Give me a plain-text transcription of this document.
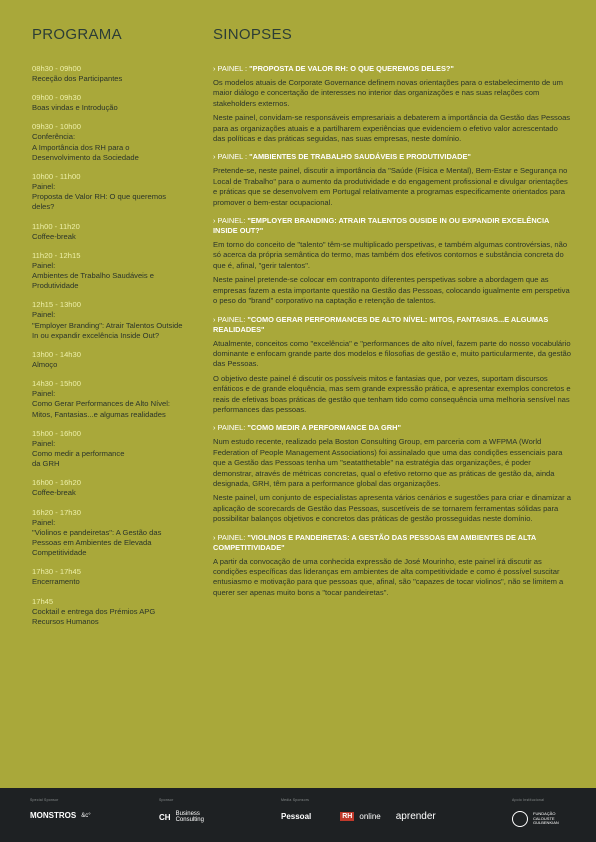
PROGRAMA	SINOPSES
08h30 - 09h00
Receção dos Participantes
09h00 - 09h30
Boas vindas e Introdução
09h30 - 10h00
Conferência:
A Importância dos RH para o
Desenvolvimento da Sociedade
10h00 - 11h00
Painel:
Proposta de Valor RH: O que queremos
deles?
11h00 - 11h20
Coffee-break
11h20 - 12h15
Painel:
Ambientes de Trabalho Saudáveis e
Produtividade
12h15 - 13h00
Painel:
"Employer Branding": Atrair Talentos Outside
In ou expandir excelência Inside Out?
13h00 - 14h30
Almoço
14h30 - 15h00
Painel:
Como Gerar Performances de Alto Nível:
Mitos, Fantasias...e algumas realidades
15h00 - 16h00
Painel:
Como medir a performance
da GRH
16h00 - 16h20
Coffee-break
16h20 - 17h30
Painel:
"Violinos e pandeiretas": A Gestão das
Pessoas em Ambientes de Elevada
Competitividade
17h30 - 17h45
Encerramento
17h45
Cocktail e entrega dos Prémios APG
Recursos Humanos
› PAINEL : "PROPOSTA DE VALOR RH: O QUE QUEREMOS DELES?"

Os modelos atuais de Corporate Governance definem novas orientações para o estabelecimento de um maior diálogo e concertação de interesses no interior das organizações e nas suas relações com stakeholders externos.

Neste painel, convidam-se responsáveis empresariais a debaterem a importância da Gestão das Pessoas para as organizações atuais e a partilharem experiências que evidenciem o efetivo valor acrescentado das políticas e das práticas seguidas, nas suas empresas, neste domínio.

› PAINEL : "AMBIENTES DE TRABALHO SAUDÁVEIS E PRODUTIVIDADE"

Pretende-se, neste painel, discutir a importância da "Saúde (Física e Mental), Bem-Estar e Segurança no Local de Trabalho" para o aumento da produtividade e do engagement profissional e divulgar orientações e práticas que se desenvolvem em Portugal relativamente a programas especificamente orientados para promover o bem-estar ocupacional.

› PAINEL: "EMPLOYER BRANDING: ATRAIR TALENTOS OUSIDE IN OU EXPANDIR EXCELÊNCIA INSIDE OUT?"

Em torno do conceito de "talento" têm-se multiplicado perspetivas, e também algumas controvérsias, não só acerca da própria semântica do termo, mas também dos efetivos contornos e substância concreta do que é, afinal, "gerir talentos".

Neste painel pretende-se colocar em contraponto diferentes perspetivas sobre a abordagem que as empresas fazem a esta importante questão na Gestão das Pessoas, colocando igualmente em perspetiva o peso do "brand" corporativo na captação e retenção de talentos.

› PAINEL: "COMO GERAR PERFORMANCES DE ALTO NÍVEL: MITOS, FANTASIAS...E ALGUMAS REALIDADES"

Atualmente, conceitos como "excelência" e "performances de alto nível, fazem parte do nosso vocabulário dominante e enfocam grande parte dos modelos e filosofias de gestão e, muito particularmente, da gestão das Pessoas.

O objetivo deste painel é discutir os possíveis mitos e fantasias que, por vezes, suportam discursos enfáticos e de grande eloquência, mas sem grande expressão prática, e apresentar exemplos concretos e reais de efetivas boas práticas de gestão que tenham tido como consequência uma melhoria sensível nas performances das pessoas.

› PAINEL: "COMO MEDIR A PERFORMANCE DA GRH"

Num estudo recente, realizado pela Boston Consulting Group, em parceria com a WFPMA (World Federation of People Management Associations) foi assinalado que uma das condições essenciais para que a Gestão das Pessoas tenha um "seatatthetable" na estratégia das organizações, é poder demonstrar, através de métricas concretas, qual o efetivo retorno que as práticas de gestão da, ainda designada, GRH, têm para a performance global das organizações.

Neste painel, um conjunto de especialistas apresenta vários cenários e sugestões para criar e dinamizar a aplicação de scorecards de Gestão das Pessoas, suscetíveis de se tornarem ferramentas sólidas para possibilitar balanços objetivos e concretos das práticas de gestão prosseguidas neste domínio.

› PAINEL: "VIOLINOS E PANDEIRETAS: A GESTÃO DAS PESSOAS EM AMBIENTES DE ALTA COMPETITIVIDADE"

A partir da convocação de uma conhecida expressão de José Mourinho, este painel irá discutir as condições específicas das lideranças em ambientes de alta competitividade e como é possível suscitar entusiasmo e motivação para que pessoas que, afinal, são "capazes de tocar violinos", não se limitem a querer ser apenas muito bons a "tocar pandeiretas".

Special Sponsor
MONSTROS &c°
Sponsor
CH Business Consulting
Media Sponsors
Pessoal	RH online aprender
Apoio Institucional
FUNDAÇÃO CALOUSTE GULBENKIAN
